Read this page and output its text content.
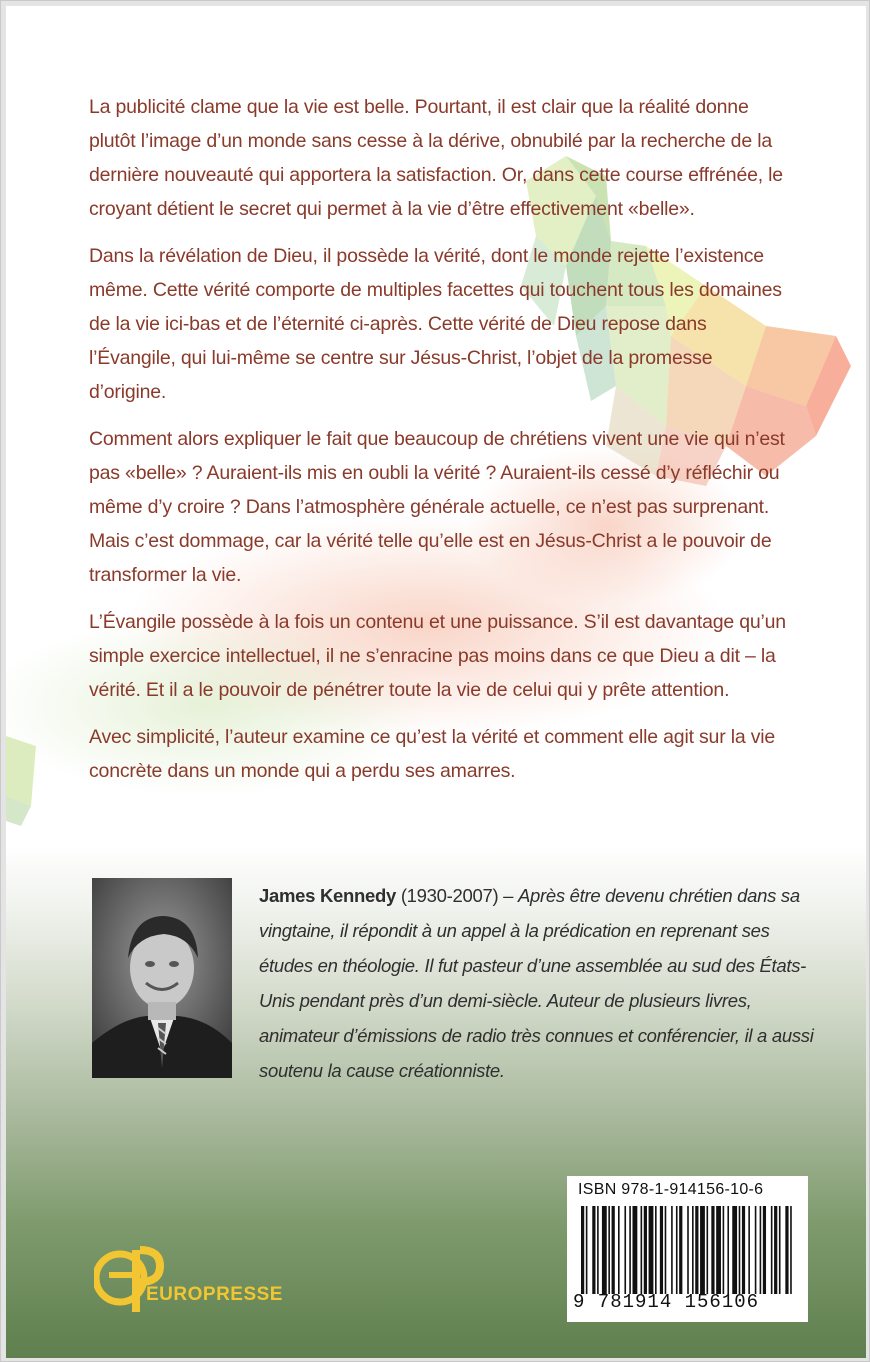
La publicité clame que la vie est belle. Pourtant, il est clair que la réalité donne plutôt l’image d’un monde sans cesse à la dérive, obnubilé par la recherche de la dernière nouveauté qui apportera la satisfaction. Or, dans cette course effrénée, le croyant détient le secret qui permet à la vie d’être effectivement «belle».

Dans la révélation de Dieu, il possède la vérité, dont le monde rejette l’existence même. Cette vérité comporte de multiples facettes qui touchent tous les domaines de la vie ici-bas et de l’éternité ci-après. Cette vérité de Dieu repose dans l’Évangile, qui lui-même se centre sur Jésus-Christ, l’objet de la promesse d’origine.

Comment alors expliquer le fait que beaucoup de chrétiens vivent une vie qui n’est pas «belle» ? Auraient-ils mis en oubli la vérité ? Auraient-ils cessé d’y réfléchir ou même d’y croire ? Dans l’atmosphère générale actuelle, ce n’est pas surprenant. Mais c’est dommage, car la vérité telle qu’elle est en Jésus-Christ a le pouvoir de transformer la vie.

L’Évangile possède à la fois un contenu et une puissance. S’il est davantage qu’un simple exercice intellectuel, il ne s’enracine pas moins dans ce que Dieu a dit – la vérité. Et il a le pouvoir de pénétrer toute la vie de celui qui y prête attention.

Avec simplicité, l’auteur examine ce qu’est la vérité et comment elle agit sur la vie concrète dans un monde qui a perdu ses amarres.

James Kennedy (1930-2007) – Après être devenu chrétien dans sa vingtaine, il répondit à un appel à la prédication en reprenant ses études en théologie. Il fut pasteur d’une assemblée au sud des États-Unis pendant près d’un demi-siècle. Auteur de plusieurs livres, animateur d’émissions de radio très connues et conférencier, il a aussi soutenu la cause créationniste.
EUROPRESSE
ISBN 978-1-914156-10-6
9 781914 156106
